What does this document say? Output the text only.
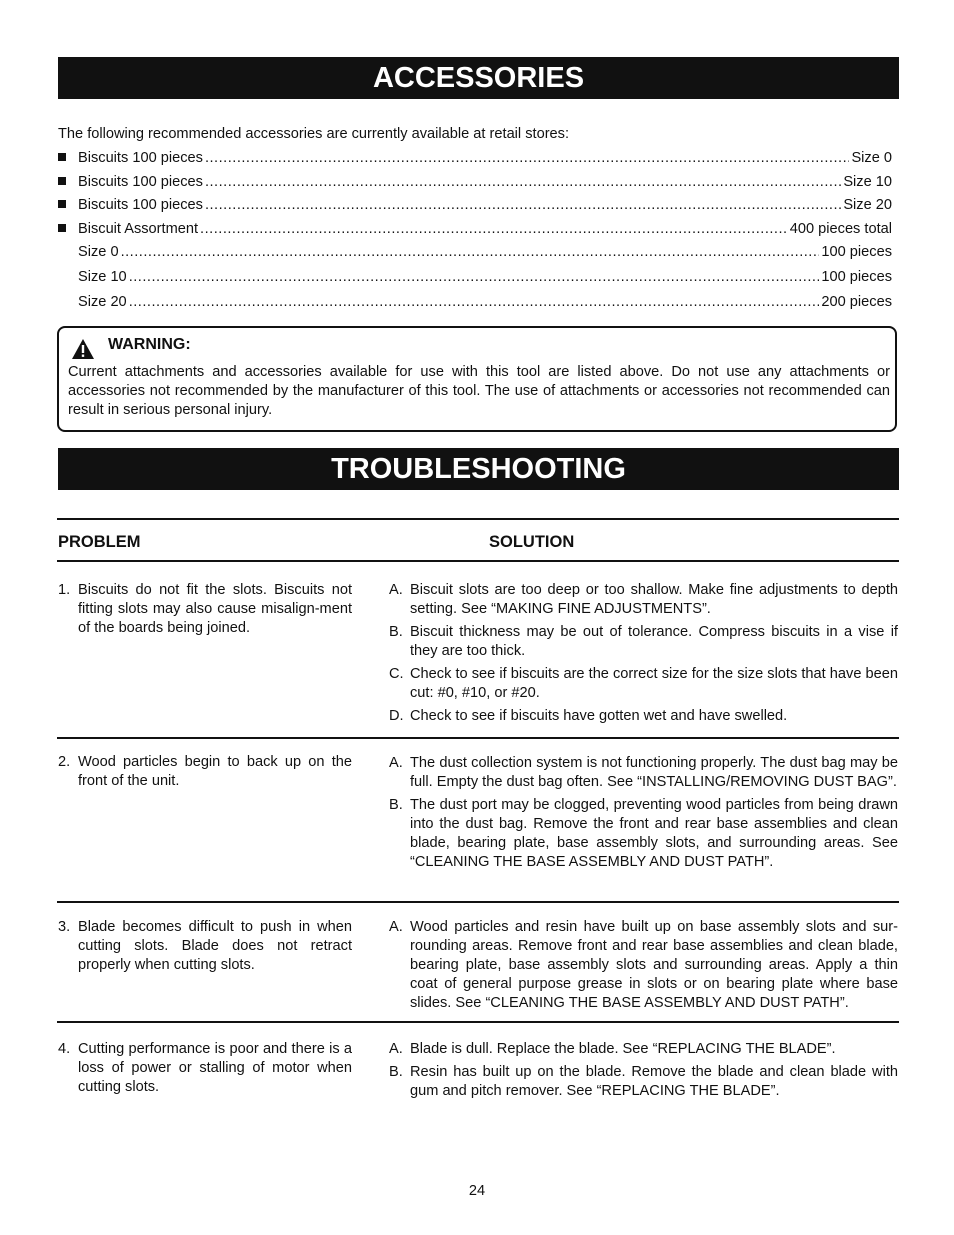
ACCESSORIES
The following recommended accessories are currently available at retail stores:
Biscuits 100 pieces .....	Size 0
Biscuits 100 pieces .....	Size 10
Biscuits 100 pieces .....	Size 20
Biscuit Assortment .....	400 pieces total
Size 0 .....	100 pieces
Size 10 .....	100 pieces
Size 20 .....	200 pieces
WARNING:
Current attachments and accessories available for use with this tool are listed above. Do not use any attachments or accessories not recommended by the manufacturer of this tool. The use of attachments or accessories not recommended can result in serious personal injury.
TROUBLESHOOTING
PROBLEM	SOLUTION
1. Biscuits do not fit the slots. Biscuits not fitting slots may also cause misalign-ment of the boards being joined.
A. Biscuit slots are too deep or too shallow. Make fine adjustments to depth setting. See “MAKING FINE ADJUSTMENTS”.
B. Biscuit thickness may be out of tolerance. Compress biscuits in a vise if they are too thick.
C. Check to see if biscuits are the correct size for the size slots that have been cut: #0, #10, or #20.
D. Check to see if biscuits have gotten wet and have swelled.
2. Wood particles begin to back up on the front of the unit.
A. The dust collection system is not functioning properly. The dust bag may be full. Empty the dust bag often. See “INSTALLING/REMOVING DUST BAG”.
B. The dust port may be clogged, preventing wood particles from being drawn into the dust bag. Remove the front and rear base assemblies and clean blade, bearing plate, base assembly slots, and surrounding areas. See “CLEANING THE BASE ASSEMBLY AND DUST PATH”.
3. Blade becomes difficult to push in when cutting slots. Blade does not retract properly when cutting slots.
A. Wood particles and resin have built up on base assembly slots and sur-rounding areas. Remove front and rear base assemblies and clean blade, bearing plate, base assembly slots and surrounding areas. Apply a thin coat of general purpose grease in slots or on bearing plate where base slides. See “CLEANING THE BASE ASSEMBLY AND DUST PATH”.
4. Cutting performance is poor and there is a loss of power or stalling of motor when cutting slots.
A. Blade is dull. Replace the blade. See “REPLACING THE BLADE”.
B. Resin has built up on the blade. Remove the blade and clean blade with gum and pitch remover. See “REPLACING THE BLADE”.
24
